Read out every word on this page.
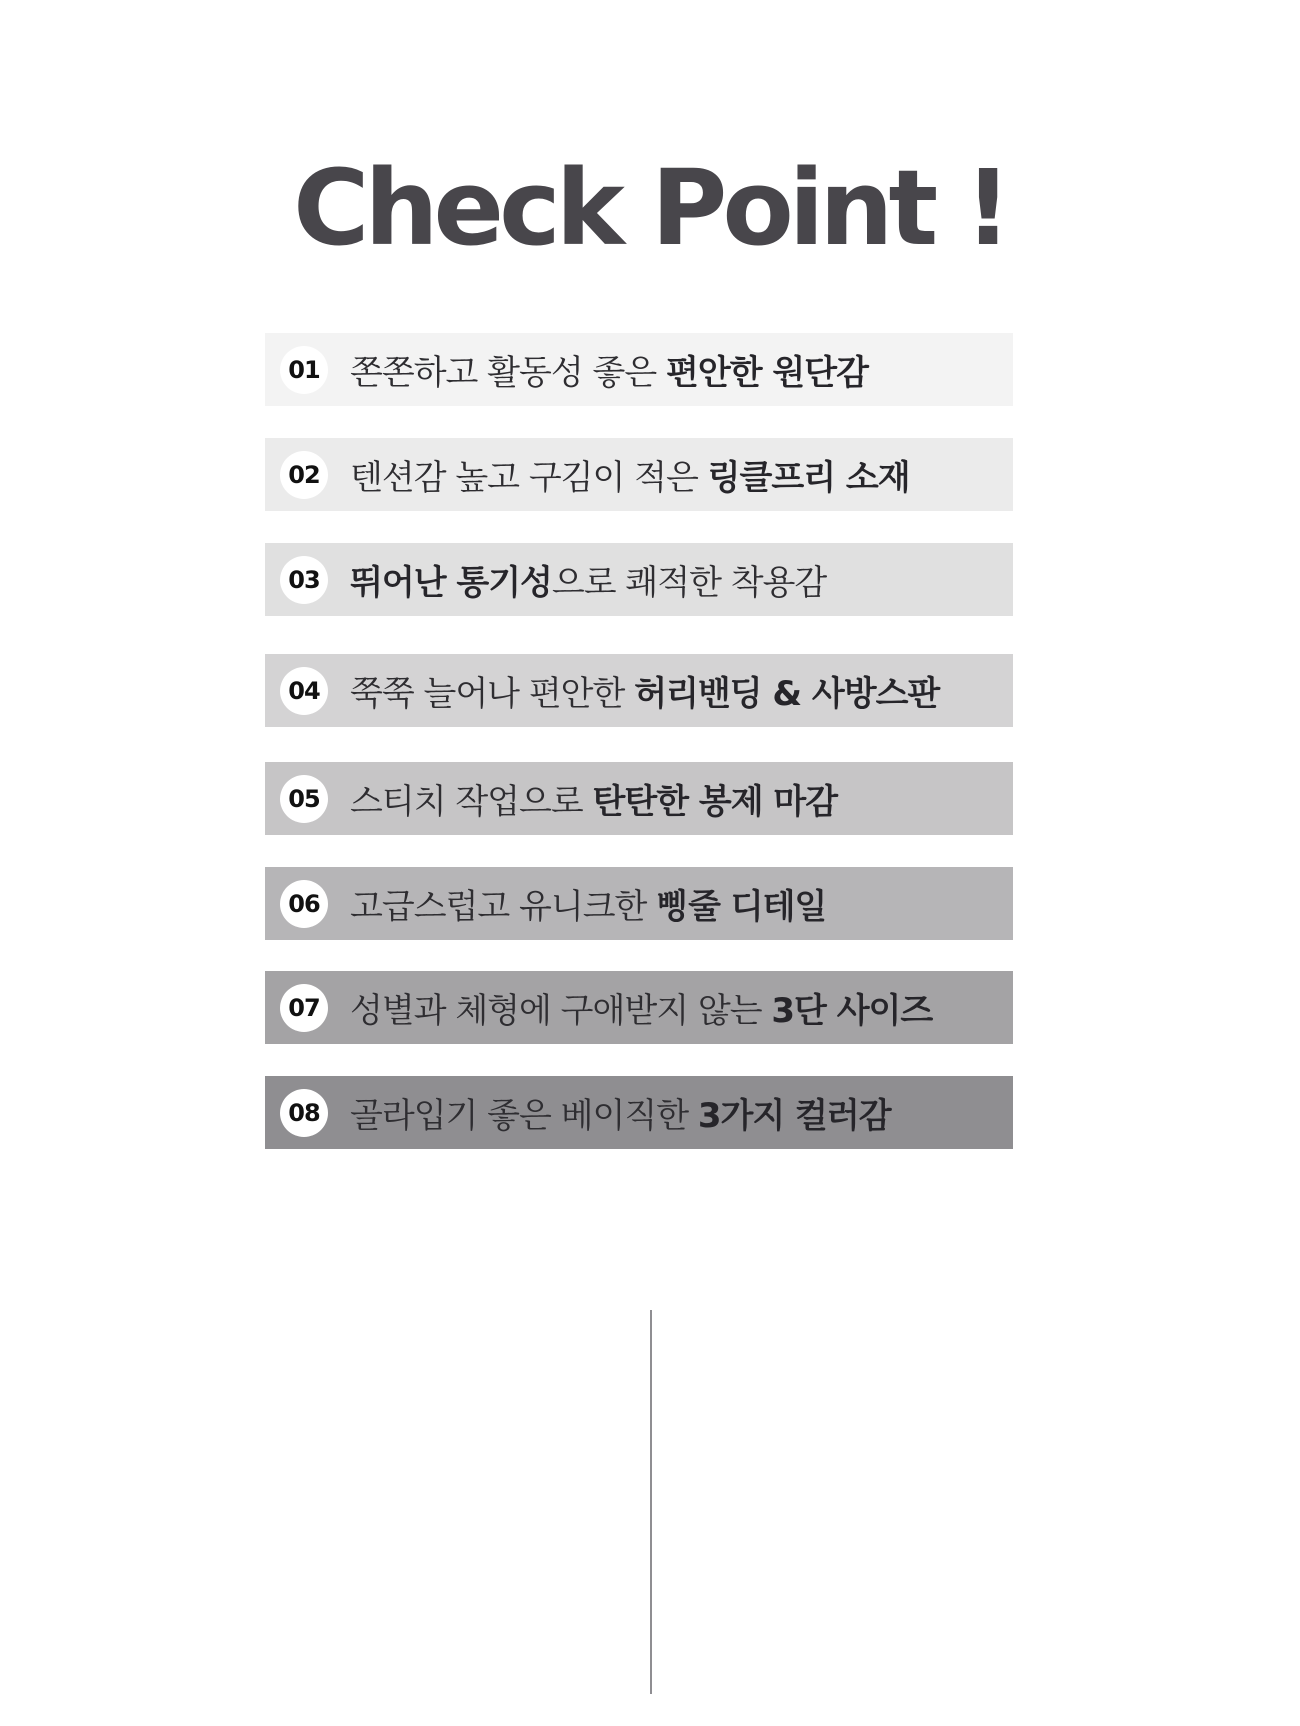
Check Point !
01 쫀쫀하고 활동성 좋은 편안한 원단감
02 텐션감 높고 구김이 적은 링클프리 소재
03 뛰어난 통기성으로 쾌적한 착용감
04 쭉쭉 늘어나 편안한 허리밴딩 & 사방스판
05 스티치 작업으로 탄탄한 봉제 마감
06 고급스럽고 유니크한 삥줄 디테일
07 성별과 체형에 구애받지 않는 3단 사이즈
08 골라입기 좋은 베이직한 3가지 컬러감
